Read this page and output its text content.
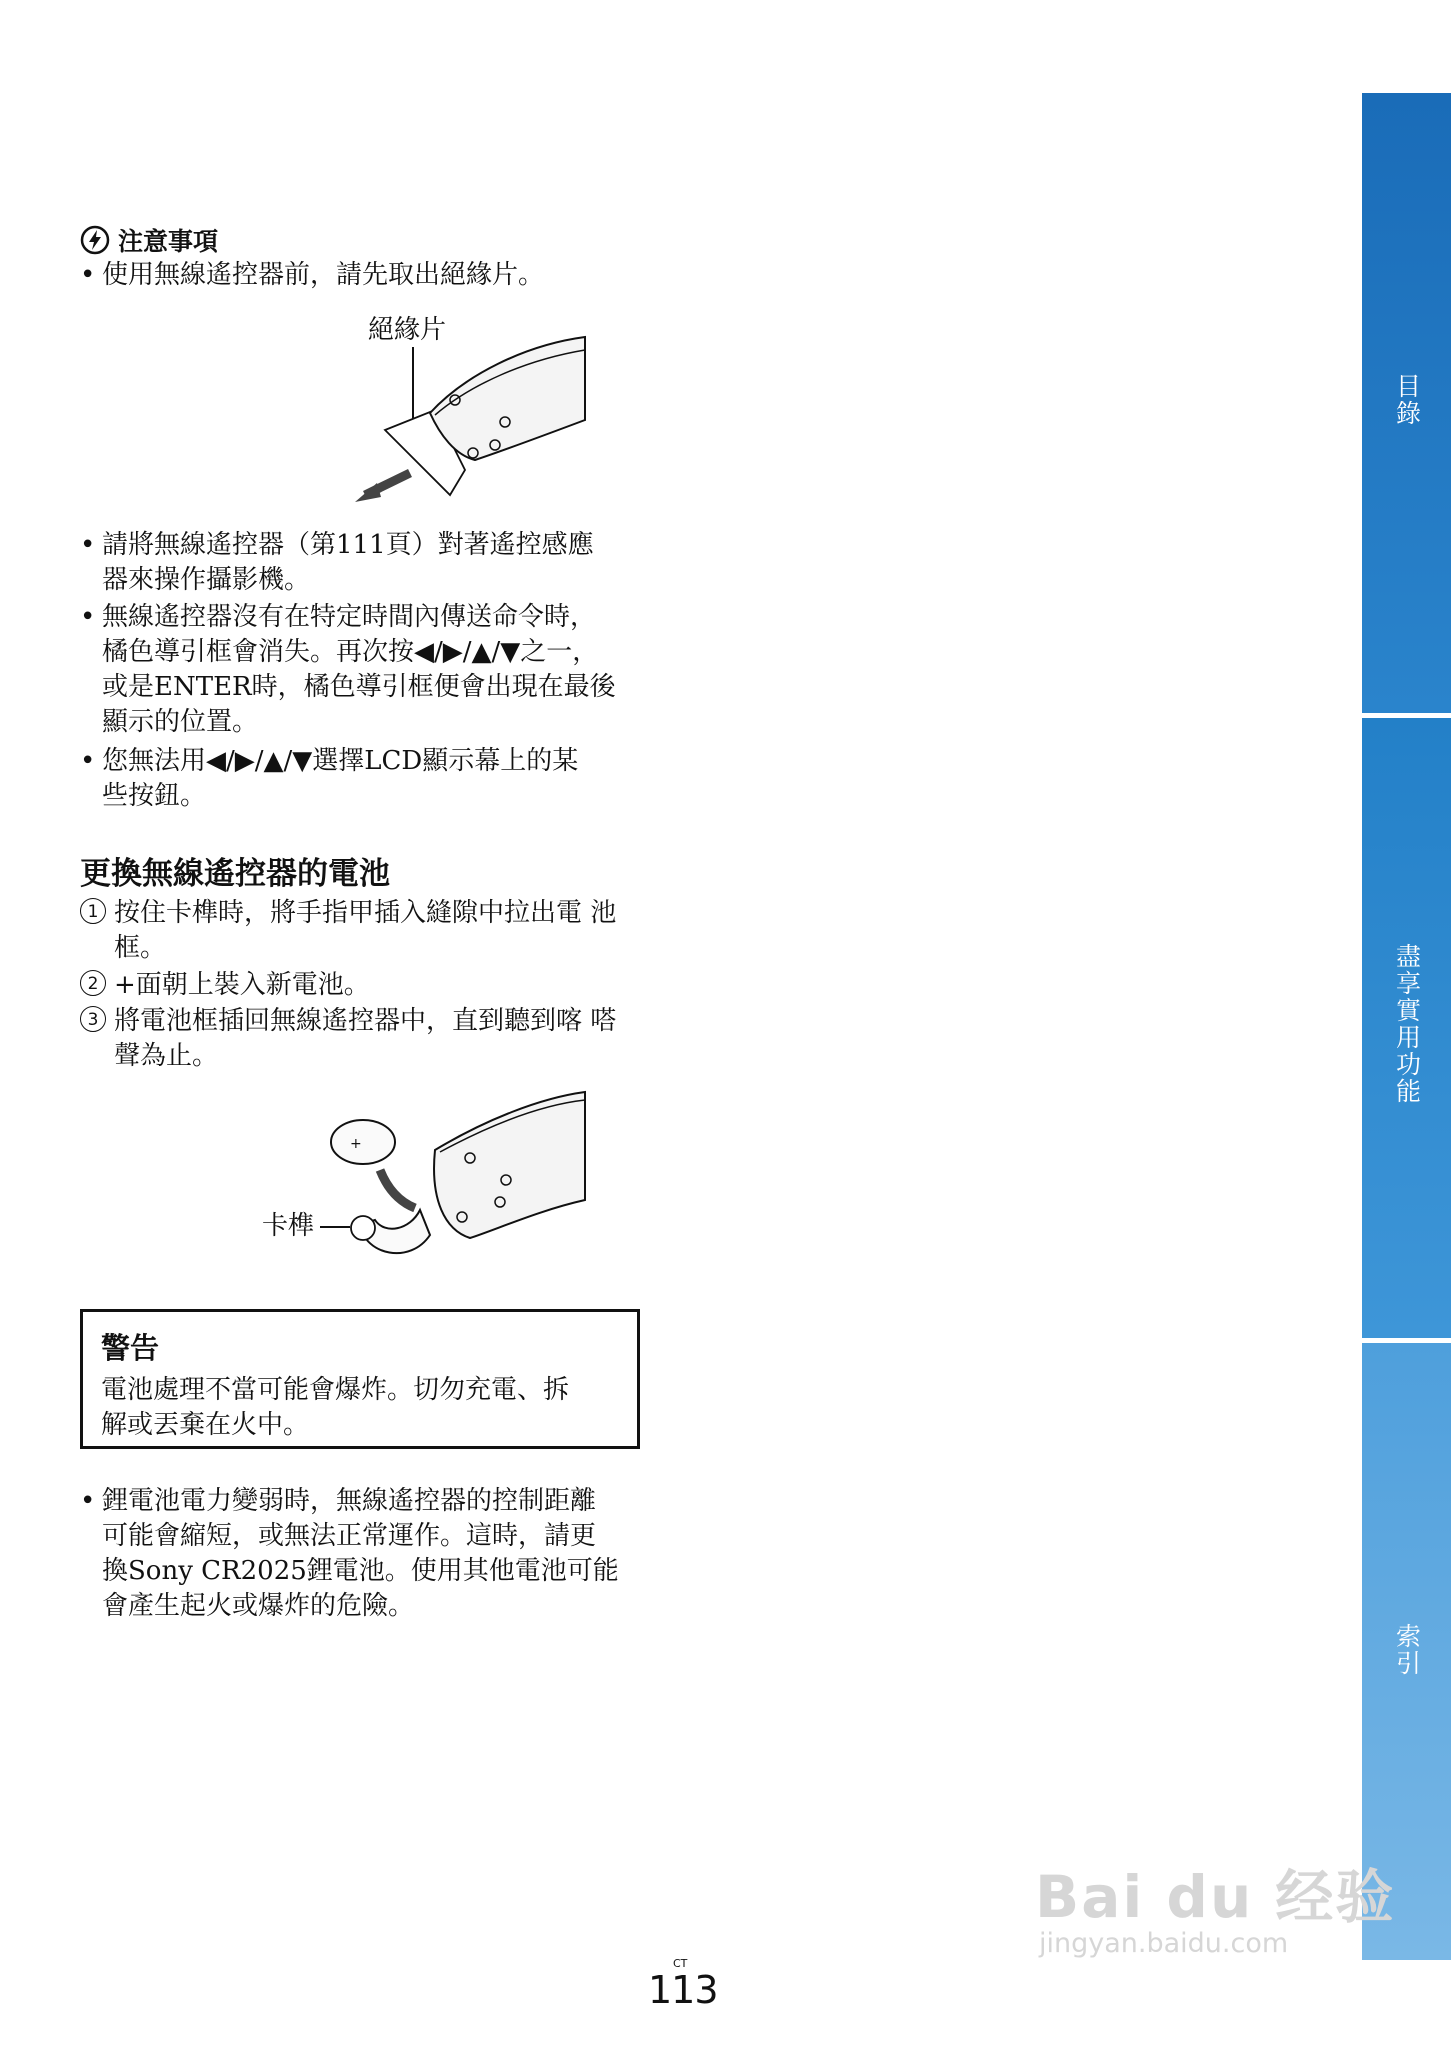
注意事項
• 使用無線遙控器前，請先取出絕緣片。
絕緣片
• 請將無線遙控器（第111頁）對著遙控感應
器來操作攝影機。
• 無線遙控器沒有在特定時間內傳送命令時，
橘色導引框會消失。再次按◀/▶/▲/▼之一，
或是ENTER時，橘色導引框便會出現在最後
顯示的位置。
• 您無法用◀/▶/▲/▼選擇LCD顯示幕上的某
些按鈕。
更換無線遙控器的電池
1 按住卡榫時，將手指甲插入縫隙中拉出電 池框。
2 +面朝上裝入新電池。
3 將電池框插回無線遙控器中，直到聽到喀 嗒聲為止。
卡榫
+
警告
電池處理不當可能會爆炸。切勿充電、拆
解或丟棄在火中。
• 鋰電池電力變弱時，無線遙控器的控制距離
可能會縮短，或無法正常運作。這時，請更
換Sony CR2025鋰電池。使用其他電池可能
會產生起火或爆炸的危險。
目錄
盡享實用功能
索引
CT
113
Bai du 经验
jingyan.baidu.com
